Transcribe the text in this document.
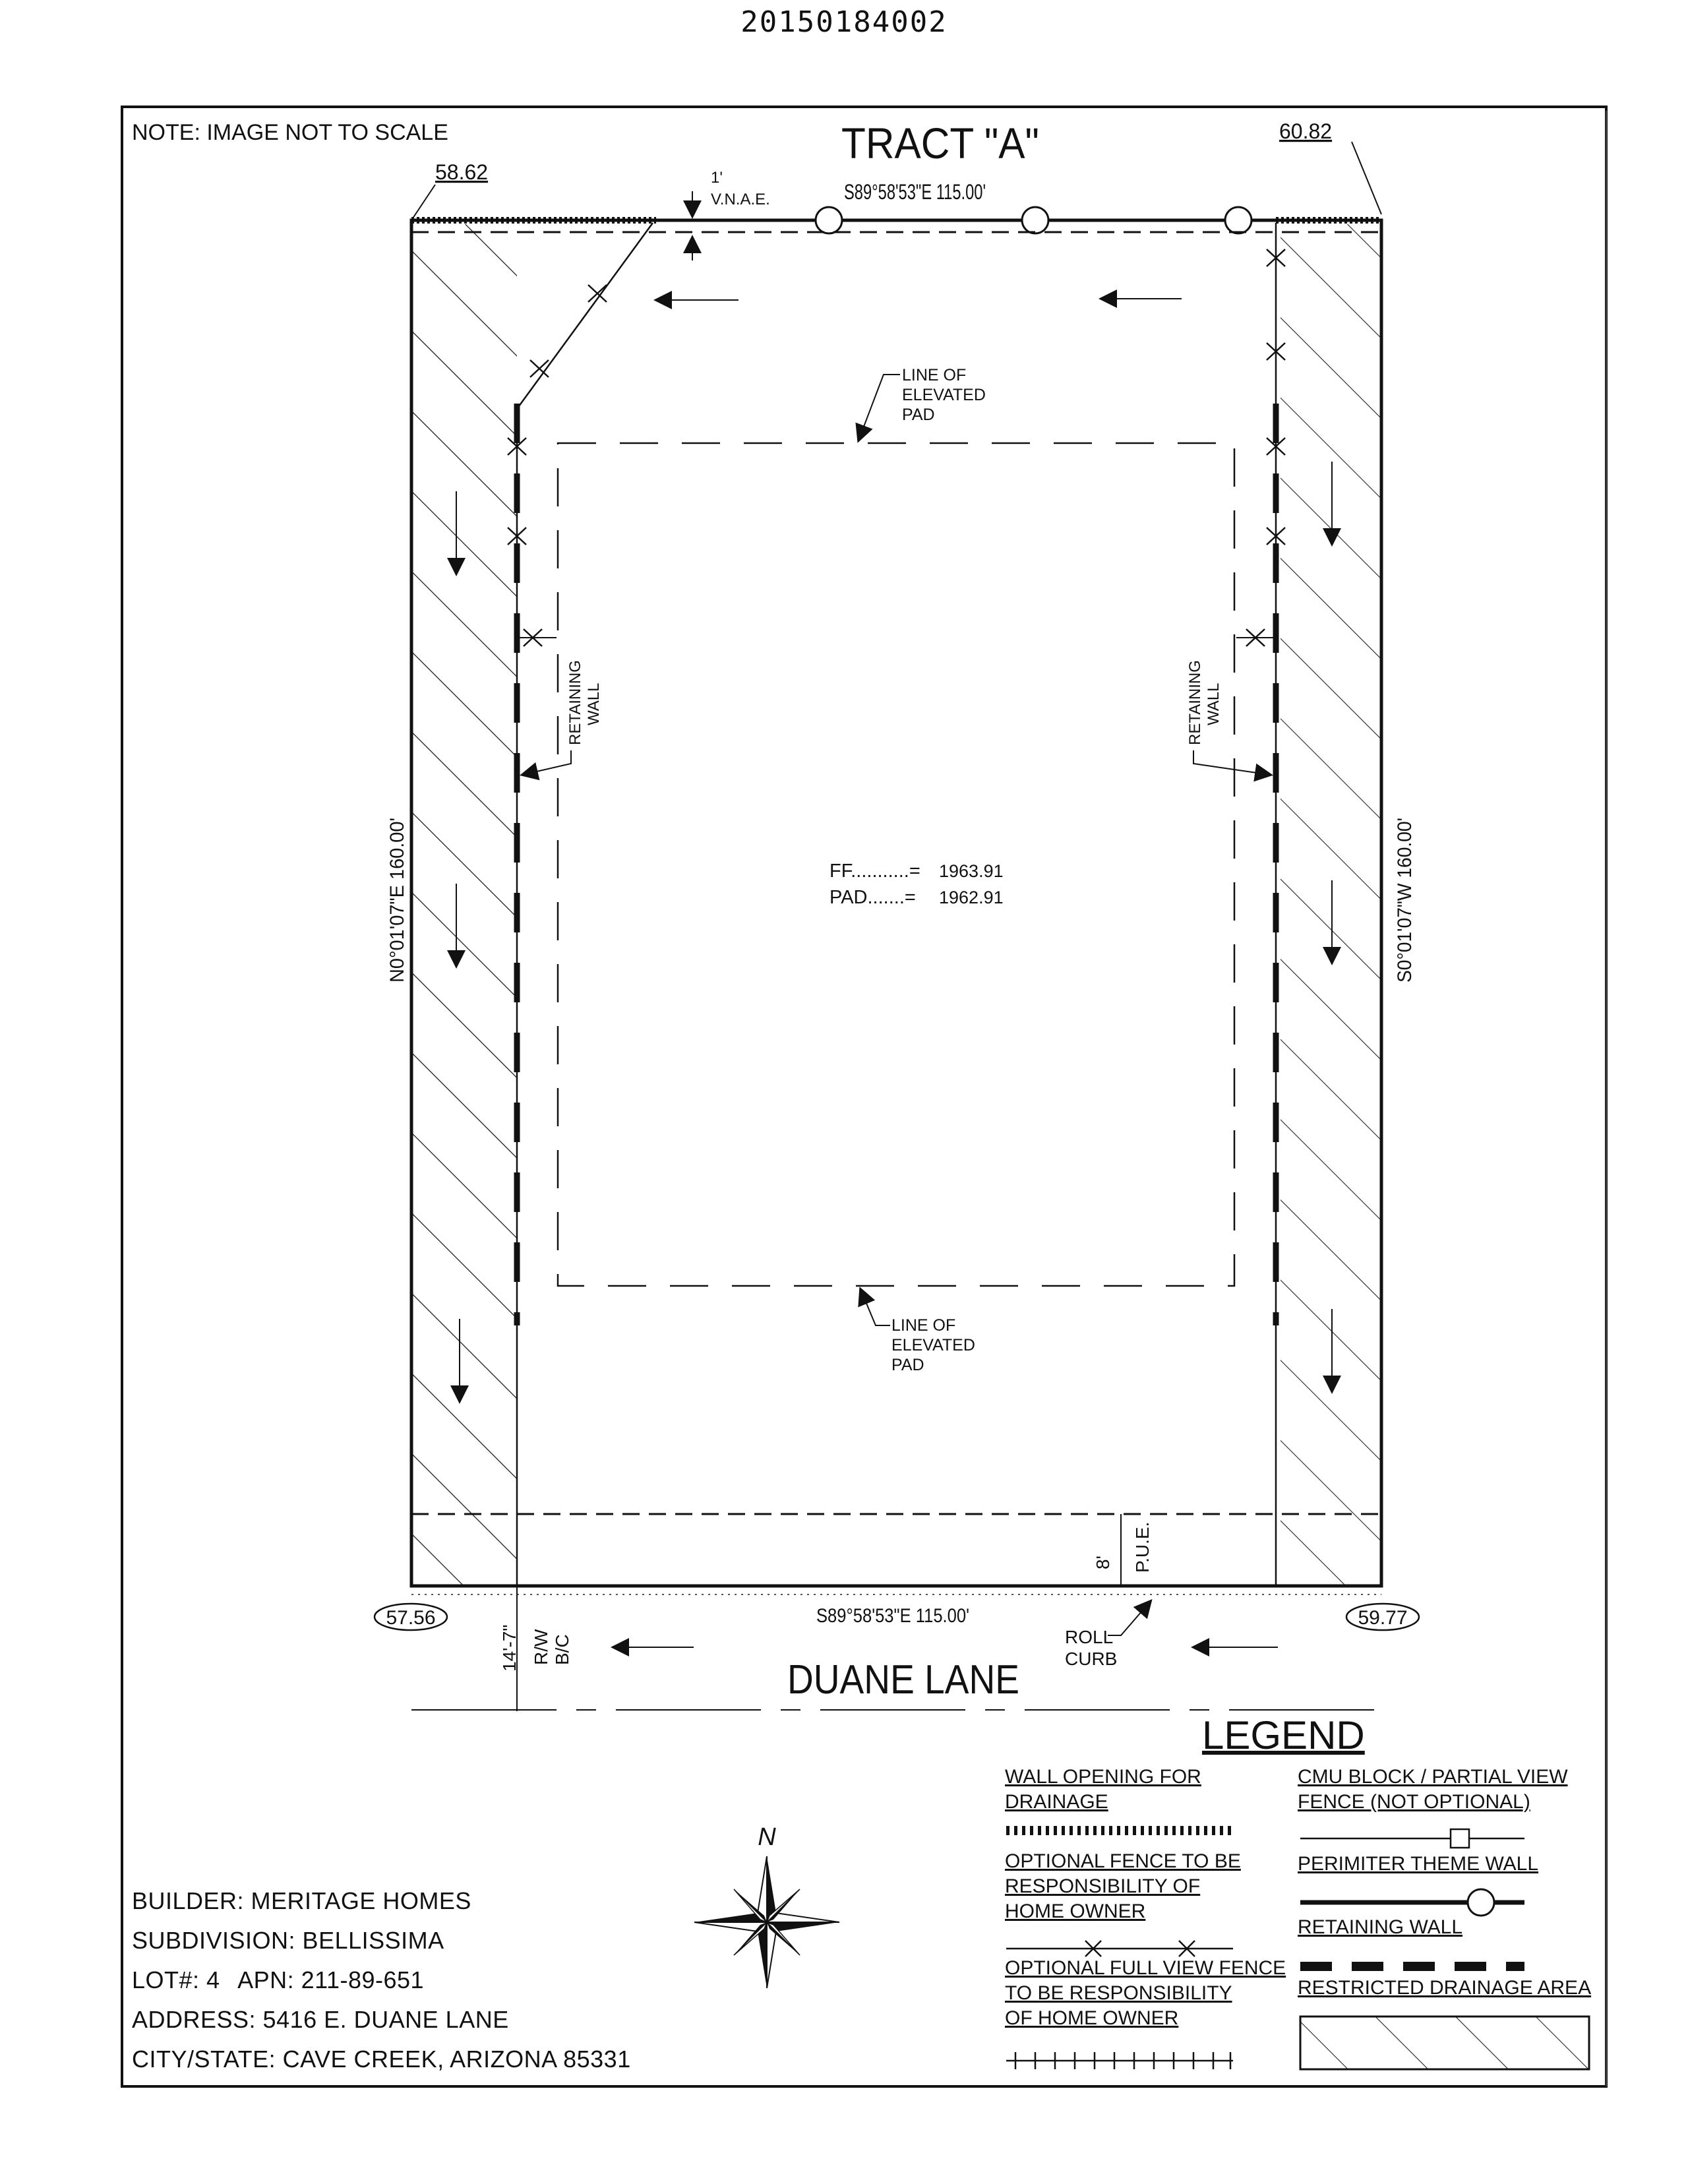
20150184002
NOTE: IMAGE NOT TO SCALE	TRACT "A"
1'
V.N.A.E.	S89°58'53"E 115.00'
58.62
60.82
LINE OF
ELEVATED
PAD
LINE OF
ELEVATED
PAD
RETAINING WALL	RETAINING WALL
FF...........= 1963.91
PAD.......= 1962.91
N0°01'07"E 160.00'	S0°01'07"W 160.00'
8' P.U.E.
S89°58'53"E 115.00'
57.56	59.77
14'-7" R/W B/C	ROLL
CURB
DUANE LANE
N
LEGEND
WALL OPENING FOR
DRAINAGE
OPTIONAL FENCE TO BE
RESPONSIBILITY OF
HOME OWNER
OPTIONAL FULL VIEW FENCE
TO BE RESPONSIBILITY
OF HOME OWNER
CMU BLOCK / PARTIAL VIEW
FENCE (NOT OPTIONAL)
PERIMITER THEME WALL
RETAINING WALL
RESTRICTED DRAINAGE AREA
BUILDER: MERITAGE HOMES
SUBDIVISION: BELLISSIMA
LOT#: 4 APN: 211-89-651
ADDRESS: 5416 E. DUANE LANE
CITY/STATE: CAVE CREEK, ARIZONA 85331
